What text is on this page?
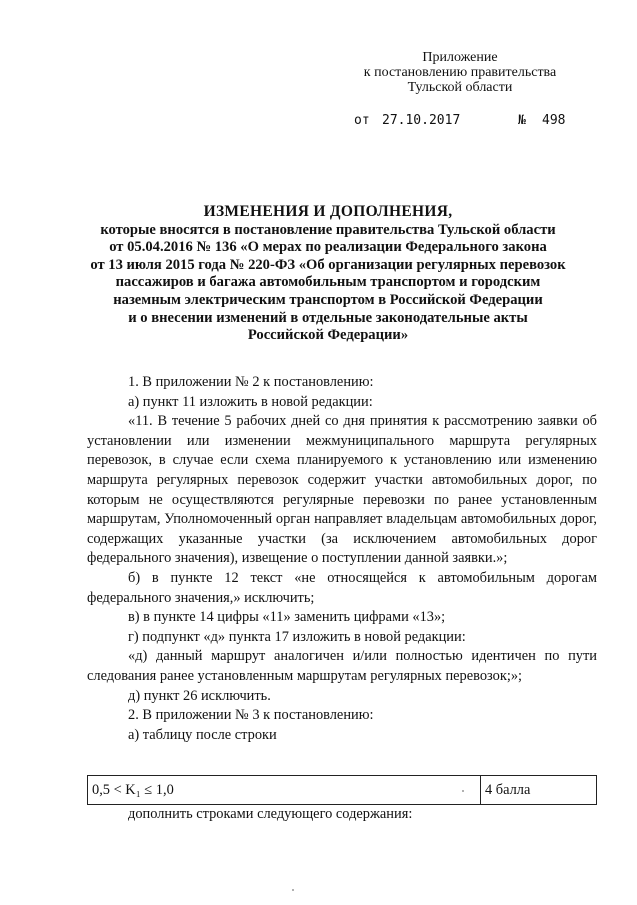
Приложение
к постановлению правительства
Тульской области
от 27.10.2017	№ 498
ИЗМЕНЕНИЯ И ДОПОЛНЕНИЯ,
которые вносятся в постановление правительства Тульской области
от 05.04.2016 № 136 «О мерах по реализации Федерального закона
от 13 июля 2015 года № 220-ФЗ «Об организации регулярных перевозок
пассажиров и багажа автомобильным транспортом и городским
наземным электрическим транспортом в Российской Федерации
и о внесении изменений в отдельные законодательные акты
Российской Федерации»

1. В приложении № 2 к постановлению:

а) пункт 11 изложить в новой редакции:

«11. В течение 5 рабочих дней со дня принятия к рассмотрению заявки об установлении или изменении межмуниципального маршрута регулярных перевозок, в случае если схема планируемого к установлению или изменению маршрута регулярных перевозок содержит участки автомобильных дорог, по которым не осуществляются регулярные перевозки по ранее установленным маршрутам, Уполномоченный орган направляет владельцам автомобильных дорог, содержащих указанные участки (за исключением автомобильных дорог федерального значения), извещение о поступлении данной заявки.»;

б) в пункте 12 текст «не относящейся к автомобильным дорогам федерального значения,» исключить;

в) в пункте 14 цифры «11» заменить цифрами «13»;

г) подпункт «д» пункта 17 изложить в новой редакции:

«д) данный маршрут аналогичен и/или полностью идентичен по пути следования ранее установленным маршрутам регулярных перевозок;»;

д) пункт 26 исключить.

2. В приложении № 3 к постановлению:

а) таблицу после строки

0,5 < K₁ ≤ 1,0	4 балла
дополнить строками следующего содержания:
